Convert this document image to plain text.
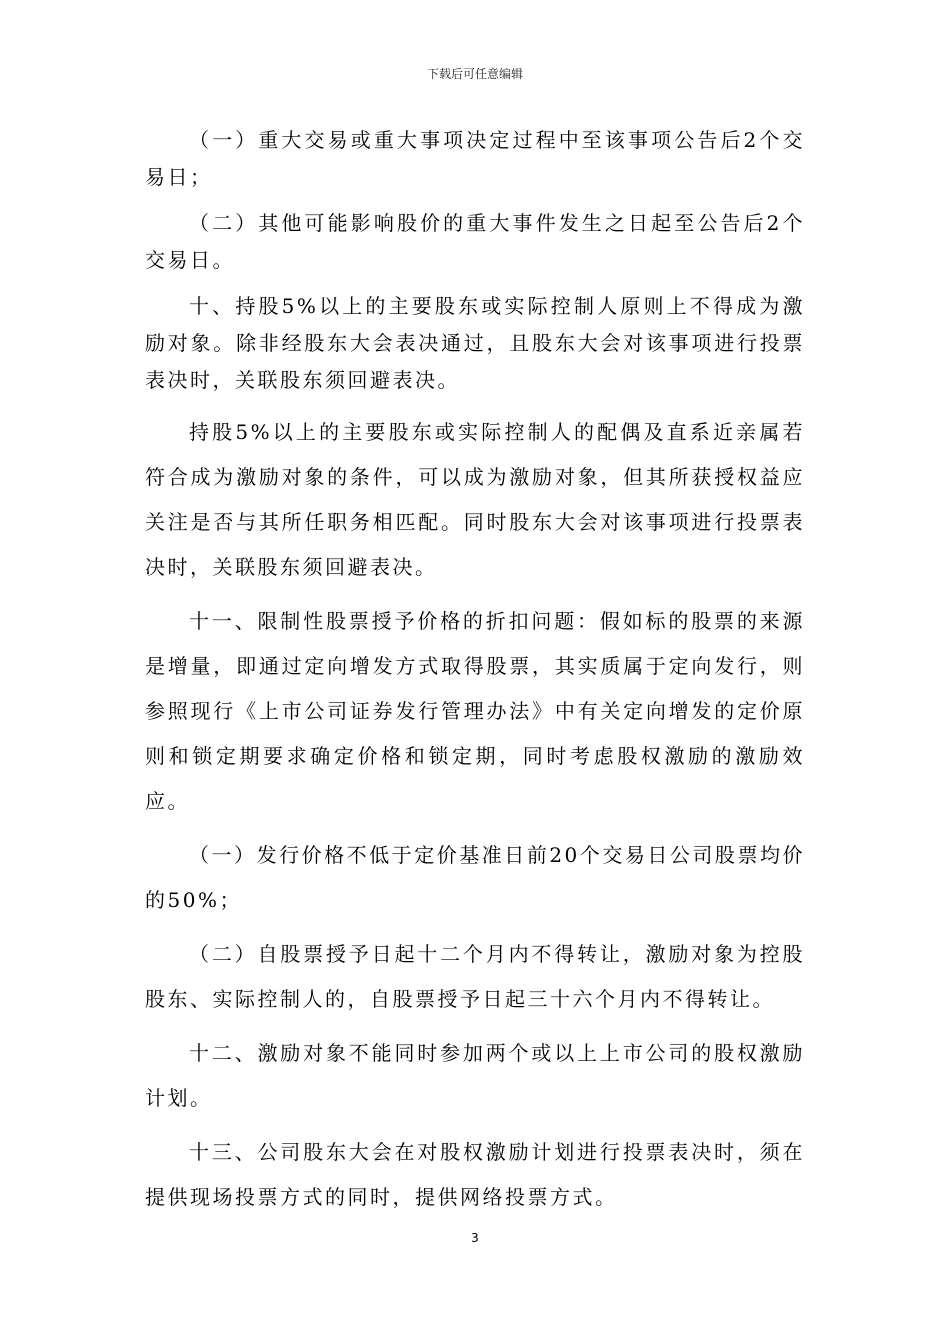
下载后可任意编辑

（一）重大交易或重大事项决定过程中至该事项公告后2个交易日；

（二）其他可能影响股价的重大事件发生之日起至公告后2个交易日。

十、持股5%以上的主要股东或实际控制人原则上不得成为激励对象。除非经股东大会表决通过，且股东大会对该事项进行投票表决时，关联股东须回避表决。

持股5%以上的主要股东或实际控制人的配偶及直系近亲属若符合成为激励对象的条件，可以成为激励对象，但其所获授权益应关注是否与其所任职务相匹配。同时股东大会对该事项进行投票表决时，关联股东须回避表决。

十一、限制性股票授予价格的折扣问题：假如标的股票的来源是增量，即通过定向增发方式取得股票，其实质属于定向发行，则参照现行《上市公司证券发行管理办法》中有关定向增发的定价原则和锁定期要求确定价格和锁定期，同时考虑股权激励的激励效应。

（一）发行价格不低于定价基准日前20个交易日公司股票均价的50%；

（二）自股票授予日起十二个月内不得转让，激励对象为控股股东、实际控制人的，自股票授予日起三十六个月内不得转让。

十二、激励对象不能同时参加两个或以上上市公司的股权激励计划。

十三、公司股东大会在对股权激励计划进行投票表决时，须在提供现场投票方式的同时，提供网络投票方式。

3
